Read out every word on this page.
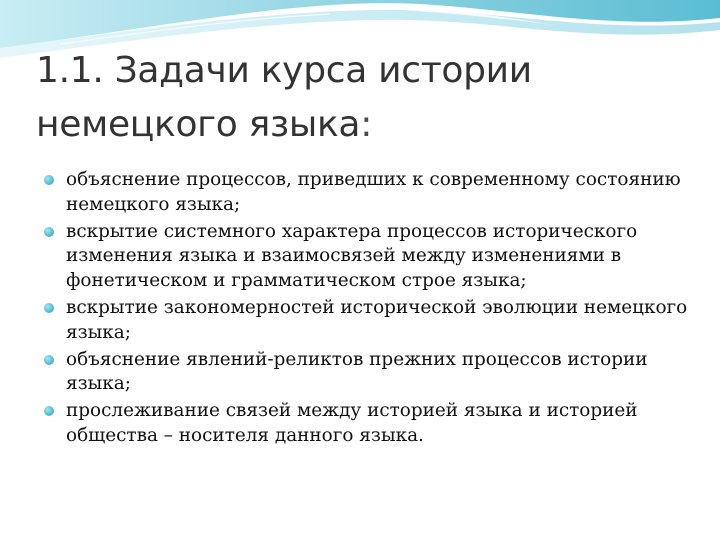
1.1. Задачи курса истории немецкого языка:
объяснение процессов, приведших к современному состоянию немецкого языка;
вскрытие системного характера процессов исторического изменения языка и взаимосвязей между изменениями в фонетическом и грамматическом строе языка;
вскрытие закономерностей исторической эволюции немецкого языка;
объяснение явлений-реликтов прежних процессов истории языка;
прослеживание связей между историей языка и историей общества – носителя данного языка.
